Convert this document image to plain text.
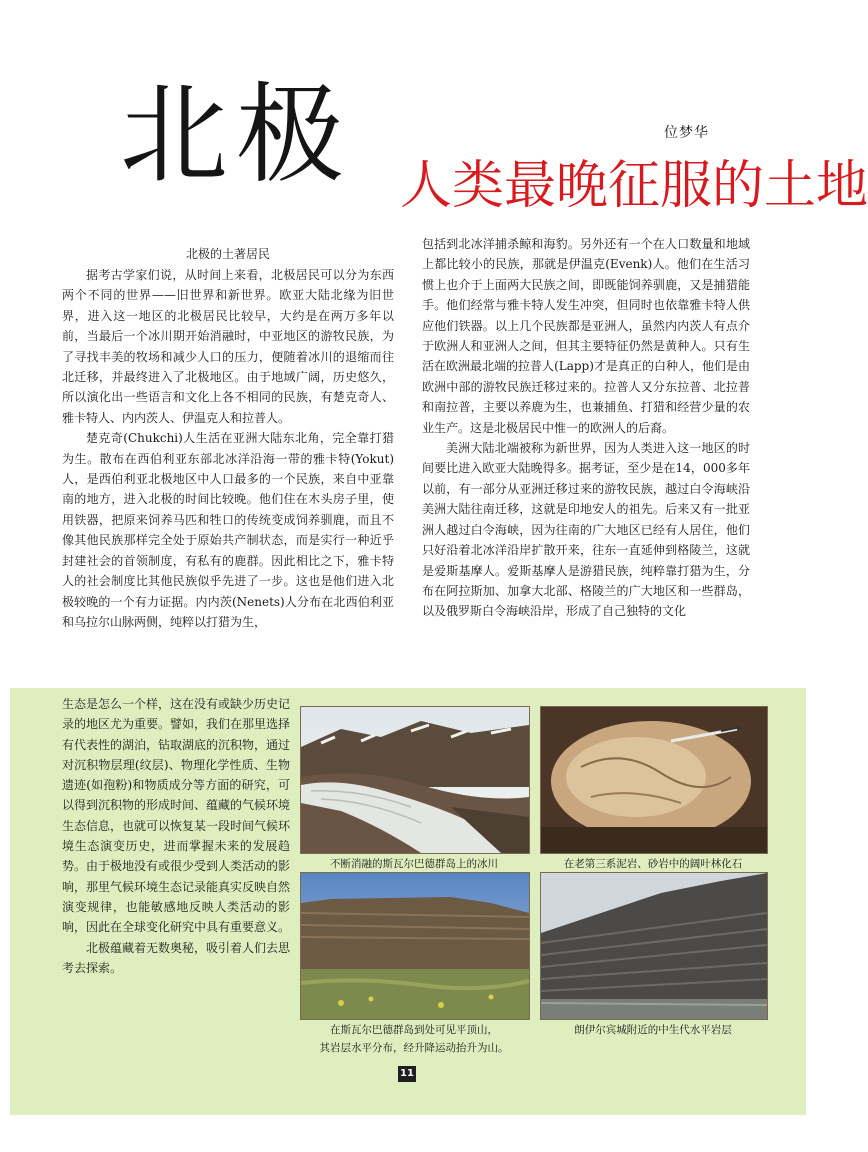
北极 人类最晚征服的土地
位梦华
北极的土著居民

据考古学家们说，从时间上来看，北极居民可以分为东西两个不同的世界——旧世界和新世界。欧亚大陆北缘为旧世界，进入这一地区的北极居民比较早，大约是在两万多年以前，当最后一个冰川期开始消融时，中亚地区的游牧民族，为了寻找丰美的牧场和减少人口的压力，便随着冰川的退缩而往北迁移，并最终进入了北极地区。由于地域广阔，历史悠久，所以演化出一些语言和文化上各不相同的民族，有楚克奇人、雅卡特人、内内茨人、伊温克人和拉普人。

楚克奇(Chukchi)人生活在亚洲大陆东北角，完全靠打猎为生。散布在西伯利亚东部北冰洋沿海一带的雅卡特(Yokut)人，是西伯利亚北极地区中人口最多的一个民族，来自中亚靠南的地方，进入北极的时间比较晚。他们住在木头房子里，使用铁器，把原来饲养马匹和牲口的传统变成饲养驯鹿，而且不像其他民族那样完全处于原始共产制状态，而是实行一种近乎封建社会的首领制度，有私有的鹿群。因此相比之下，雅卡特人的社会制度比其他民族似乎先进了一步。这也是他们进入北极较晚的一个有力证据。内内茨(Nenets)人分布在北西伯利亚和乌拉尔山脉两侧，纯粹以打猎为生，

包括到北冰洋捕杀鲸和海豹。另外还有一个在人口数量和地域上都比较小的民族，那就是伊温克(Evenk)人。他们在生活习惯上也介于上面两大民族之间，即既能饲养驯鹿，又是捕猎能手。他们经常与雅卡特人发生冲突，但同时也依靠雅卡特人供应他们铁器。以上几个民族都是亚洲人，虽然内内茨人有点介于欧洲人和亚洲人之间，但其主要特征仍然是黄种人。只有生活在欧洲最北端的拉普人(Lapp)才是真正的白种人，他们是由欧洲中部的游牧民族迁移过来的。拉普人又分东拉普、北拉普和南拉普，主要以养鹿为生，也兼捕鱼、打猎和经营少量的农业生产。这是北极居民中惟一的欧洲人的后裔。

美洲大陆北端被称为新世界，因为人类进入这一地区的时间要比进入欧亚大陆晚得多。据考证，至少是在14，000多年以前，有一部分从亚洲迁移过来的游牧民族，越过白令海峡沿美洲大陆往南迁移，这就是印地安人的祖先。后来又有一批亚洲人越过白令海峡，因为往南的广大地区已经有人居住，他们只好沿着北冰洋沿岸扩散开来，往东一直延伸到格陵兰，这就是爱斯基摩人。爱斯基摩人是游猎民族，纯粹靠打猎为生，分布在阿拉斯加、加拿大北部、格陵兰的广大地区和一些群岛，以及俄罗斯白令海峡沿岸，形成了自己独特的文化

生态是怎么一个样，这在没有或缺少历史记录的地区尤为重要。譬如，我们在那里选择有代表性的湖泊，钻取湖底的沉积物，通过对沉积物层理(纹层)、物理化学性质、生物遗迹(如孢粉)和物质成分等方面的研究，可以得到沉积物的形成时间、蕴藏的气候环境生态信息，也就可以恢复某一段时间气候环境生态演变历史，进而掌握未来的发展趋势。由于极地没有或很少受到人类活动的影响，那里气候环境生态记录能真实反映自然演变规律，也能敏感地反映人类活动的影响，因此在全球变化研究中具有重要意义。

北极蕴藏着无数奥秘，吸引着人们去思考去探索。

不断消融的斯瓦尔巴德群岛上的冰川	在老第三系泥岩、砂岩中的阔叶林化石
在斯瓦尔巴德群岛到处可见平顶山，
其岩层水平分布，经升降运动抬升为山。
朗伊尔宾城附近的中生代水平岩层
11
